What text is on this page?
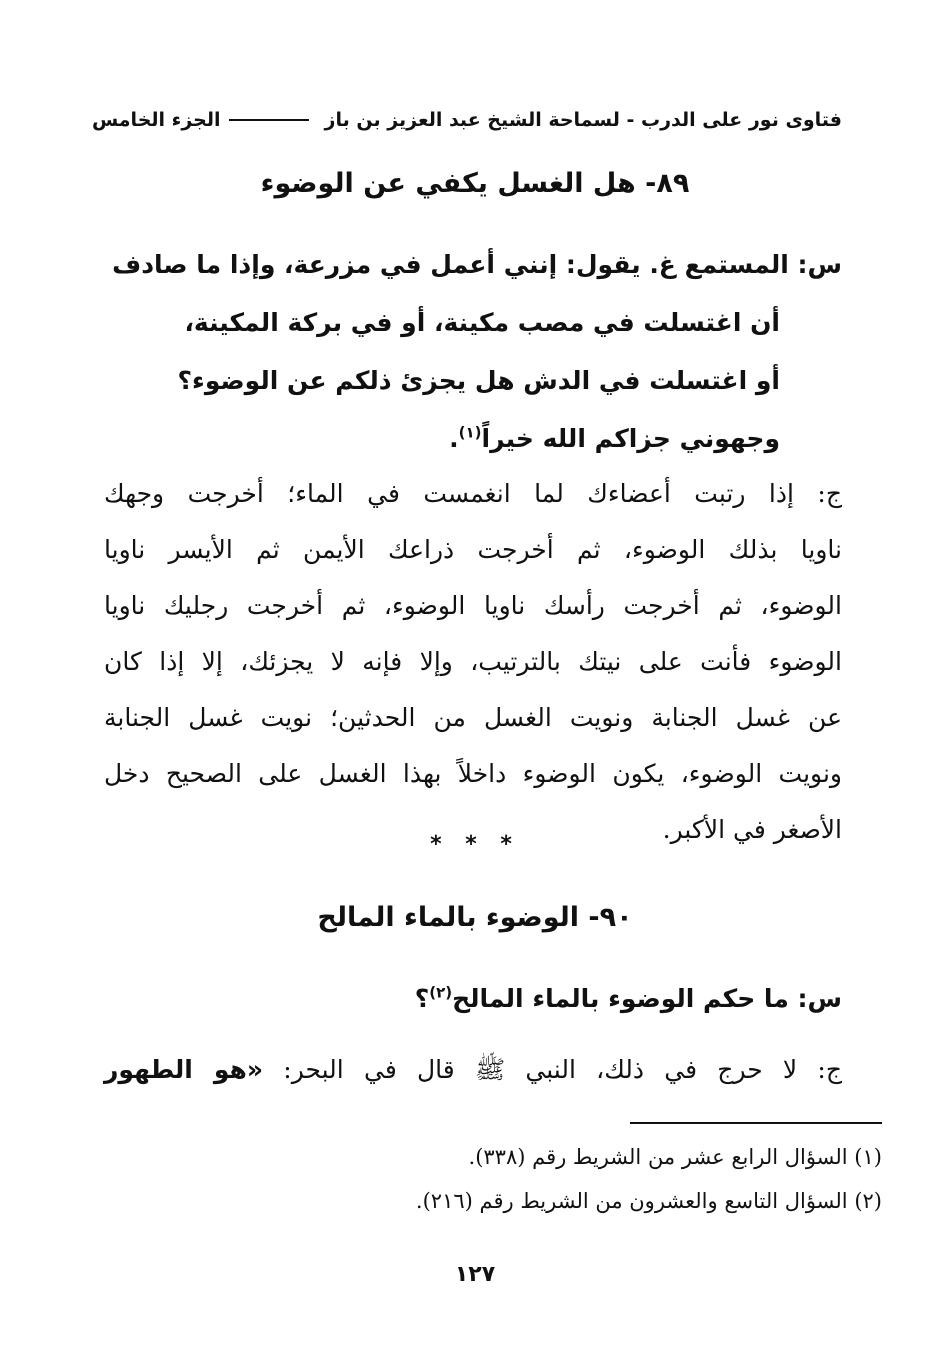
فتاوى نور على الدرب - لسماحة الشيخ عبد العزيز بن باز
الجزء الخامس
٨٩- هل الغسل يكفي عن الوضوء
س: المستمع غ. يقول: إنني أعمل في مزرعة، وإذا ما صادف
أن اغتسلت في مصب مكينة، أو في بركة المكينة،
أو اغتسلت في الدش هل يجزئ ذلكم عن الوضوء؟
وجهوني جزاكم الله خيراً$^{(١)}$.
ج: إذا رتبت أعضاءك لما انغمست في الماء؛ أخرجت وجهك
ناويا بذلك الوضوء، ثم أخرجت ذراعك الأيمن ثم الأيسر ناويا
الوضوء، ثم أخرجت رأسك ناويا الوضوء، ثم أخرجت رجليك ناويا
الوضوء فأنت على نيتك بالترتيب، وإلا فإنه لا يجزئك، إلا إذا كان
عن غسل الجنابة ونويت الغسل من الحدثين؛ نويت غسل الجنابة
ونويت الوضوء، يكون الوضوء داخلاً بهذا الغسل على الصحيح دخل
الأصغر في الأكبر.
* * *
٩٠- الوضوء بالماء المالح
س: ما حكم الوضوء بالماء المالح$^{(٢)}$؟
ج: لا حرج في ذلك، النبي ﷺ قال في البحر: «هو الطهور
(١) السؤال الرابع عشر من الشريط رقم (٣٣٨).
(٢) السؤال التاسع والعشرون من الشريط رقم (٢١٦).
١٢٧
